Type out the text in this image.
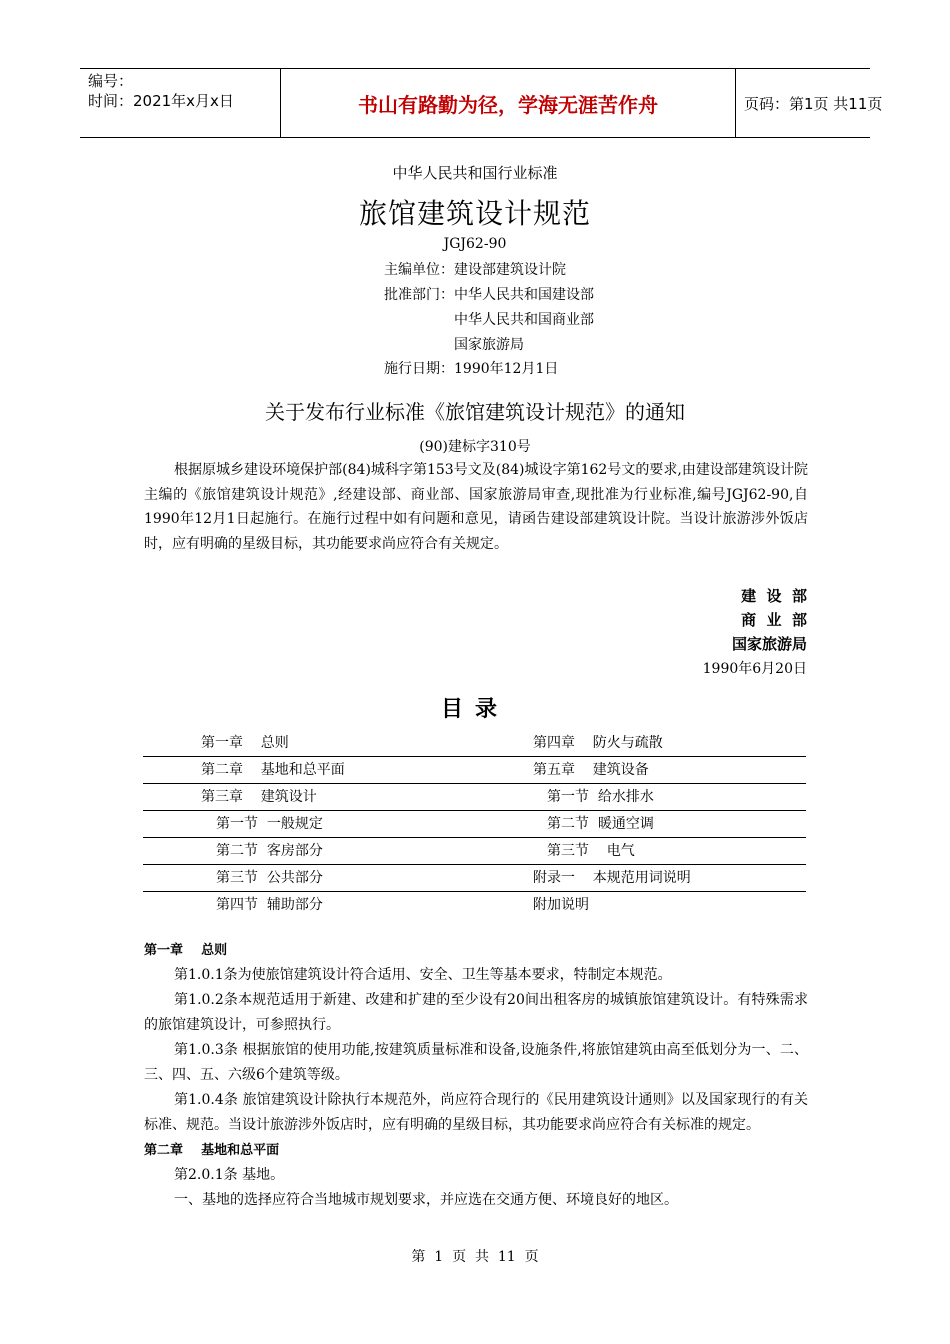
编号：
时间：2021年x月x日	书山有路勤为径，学海无涯苦作舟	页码：第1页 共11页
中华人民共和国行业标准
旅馆建筑设计规范
JGJ62-90
主编单位：建设部建筑设计院
批准部门：中华人民共和国建设部
中华人民共和国商业部
国家旅游局
施行日期：1990年12月1日
关于发布行业标准《旅馆建筑设计规范》的通知
(90)建标字310号
根据原城乡建设环境保护部(84)城科字第153号文及(84)城设字第162号文的要求,由建设部建筑设计院主编的《旅馆建筑设计规范》,经建设部、商业部、国家旅游局审查,现批准为行业标准,编号JGJ62-90,自1990年12月1日起施行。在施行过程中如有问题和意见，请函告建设部建筑设计院。当设计旅游涉外饭店时，应有明确的星级目标，其功能要求尚应符合有关规定。
建  设  部
商  业  部
国家旅游局
1990年6月20日
目录
第一章    总则	第四章    防火与疏散
第二章    基地和总平面	第五章    建筑设备
第三章    建筑设计	第一节  给水排水
第一节  一般规定	第二节  暖通空调
第二节  客房部分	第三节    电气
第三节  公共部分	附录一    本规范用词说明
第四节  辅助部分	附加说明
第一章    总则
第1.0.1条为使旅馆建筑设计符合适用、安全、卫生等基本要求，特制定本规范。
第1.0.2条本规范适用于新建、改建和扩建的至少设有20间出租客房的城镇旅馆建筑设计。有特殊需求的旅馆建筑设计，可参照执行。
第1.0.3条 根据旅馆的使用功能,按建筑质量标准和设备,设施条件,将旅馆建筑由高至低划分为一、二、三、四、五、六级6个建筑等级。
第1.0.4条 旅馆建筑设计除执行本规范外，尚应符合现行的《民用建筑设计通则》以及国家现行的有关标准、规范。当设计旅游涉外饭店时，应有明确的星级目标，其功能要求尚应符合有关标准的规定。
第二章    基地和总平面
第2.0.1条 基地。
一、基地的选择应符合当地城市规划要求，并应选在交通方便、环境良好的地区。
第  1  页  共  11  页
